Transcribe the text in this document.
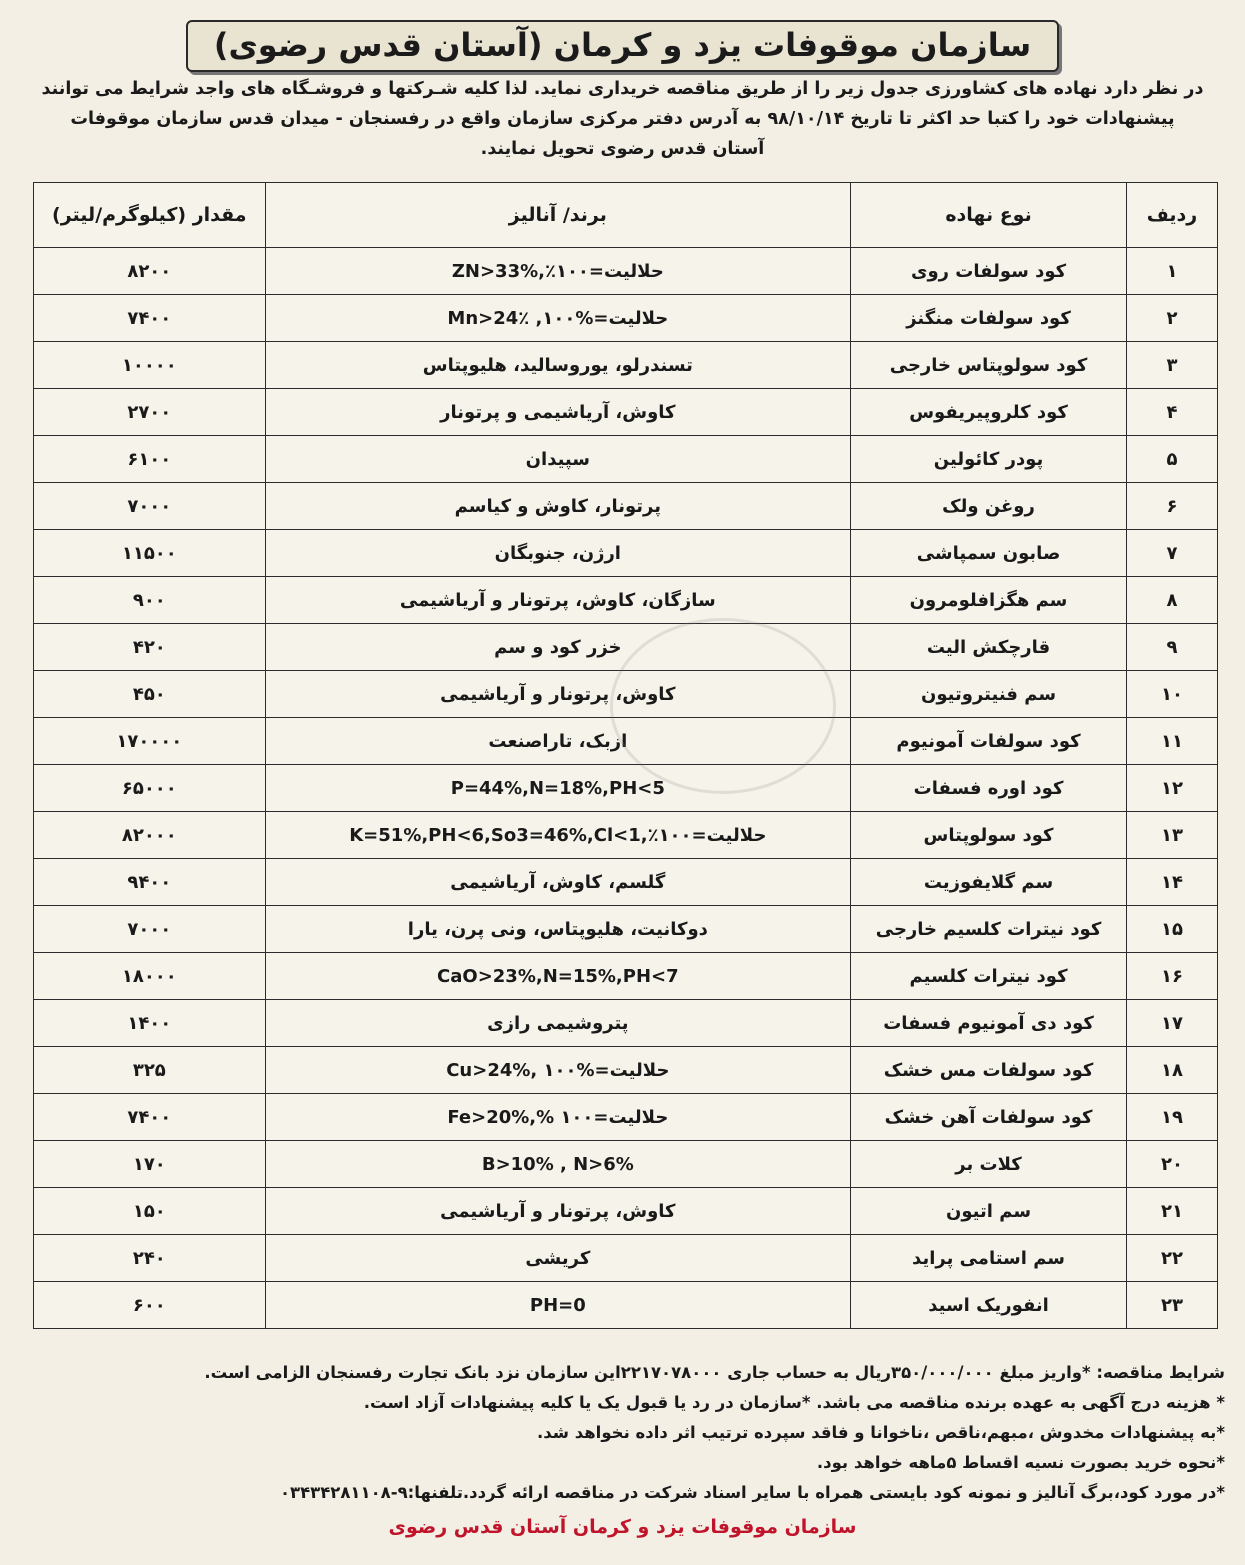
سازمان موقوفات یزد و کرمان (آستان قدس رضوی)
در نظر دارد نهاده های کشاورزی جدول زیر را از طریق مناقصه خریداری نماید. لذا کلیه شـرکتها و فروشـگاه های واجد شرایط می توانند
پیشنهادات خود را کتبا حد اکثر تا تاریخ ۹۸/۱۰/۱۴ به آدرس دفتر مرکزی سازمان واقع در رفسنجان - میدان قدس سازمان موقوفات
آستان قدس رضوی تحویل نمایند.
ردیف	نوع نهاده	برند/ آنالیز	مقدار (کیلوگرم/لیتر)
۱	کود سولفات روی	حلالیت=۱۰۰٪,%ZN>33	۸۲۰۰
۲	کود سولفات منگنز	حلالیت=%۱۰۰, ٪Mn>24	۷۴۰۰
۳	کود سولوپتاس خارجی	تسندرلو، یوروسالید، هلیوپتاس	۱۰۰۰۰
۴	کود کلروپیریفوس	کاوش، آریاشیمی و پرتونار	۲۷۰۰
۵	پودر کائولین	سپیدان	۶۱۰۰
۶	روغن ولک	پرتونار، کاوش و کیاسم	۷۰۰۰
۷	صابون سمپاشی	ارژن، جنوبگان	۱۱۵۰۰
۸	سم هگزافلومرون	سازگان، کاوش، پرتونار و آریاشیمی	۹۰۰
۹	قارچکش الیت	خزر کود و سم	۴۲۰
۱۰	سم فنیتروتیون	کاوش، پرتونار و آریاشیمی	۴۵۰
۱۱	کود سولفات آمونیوم	ازبک، تاراصنعت	۱۷۰۰۰۰
۱۲	کود اوره فسفات	P=44%,N=18%,PH<5	۶۵۰۰۰
۱۳	کود سولوپتاس	حلالیت=۱۰۰٪,K=51%,PH<6,So3=46%,Cl<1	۸۲۰۰۰
۱۴	سم گلایفوزیت	گلسم، کاوش، آریاشیمی	۹۴۰۰
۱۵	کود نیترات کلسیم خارجی	دوکانیت، هلیوپتاس، ونی پرن، یارا	۷۰۰۰
۱۶	کود نیترات کلسیم	CaO>23%,N=15%,PH<7	۱۸۰۰۰
۱۷	کود دی آمونیوم فسفات	پتروشیمی رازی	۱۴۰۰
۱۸	کود سولفات مس خشک	حلالیت=%۱۰۰ ,Cu>24%	۳۲۵
۱۹	کود سولفات آهن خشک	حلالیت=۱۰۰ %,Fe>20%	۷۴۰۰
۲۰	کلات بر	B>10% , N>6%	۱۷۰
۲۱	سم اتیون	کاوش، پرتونار و آریاشیمی	۱۵۰
۲۲	سم استامی پراید	کریشی	۲۴۰
۲۳	انفوریک اسید	PH=0	۶۰۰
شرایط مناقصه: *واریز مبلغ ۳۵۰/۰۰۰/۰۰۰ریال به حساب جاری ۲۲۱۷۰۷۸۰۰۰این سازمان نزد بانک تجارت رفسنجان الزامی است.
* هزینه درج آگهی به عهده برنده مناقصه می باشد. *سازمان در رد یا قبول یک یا کلیه پیشنهادات آزاد است.
*به پیشنهادات مخدوش ،مبهم،ناقص ،ناخوانا و فاقد سپرده ترتیب اثر داده نخواهد شد.
*نحوه خرید بصورت نسیه اقساط ۵ماهه خواهد بود.
*در مورد کود،برگ آنالیز و نمونه کود بایستی همراه با سایر اسناد شرکت در مناقصه ارائه گردد.تلفنها:۹-۰۳۴۳۴۲۸۱۱۰۸
سازمان موقوفات یزد و کرمان آستان قدس رضوی
